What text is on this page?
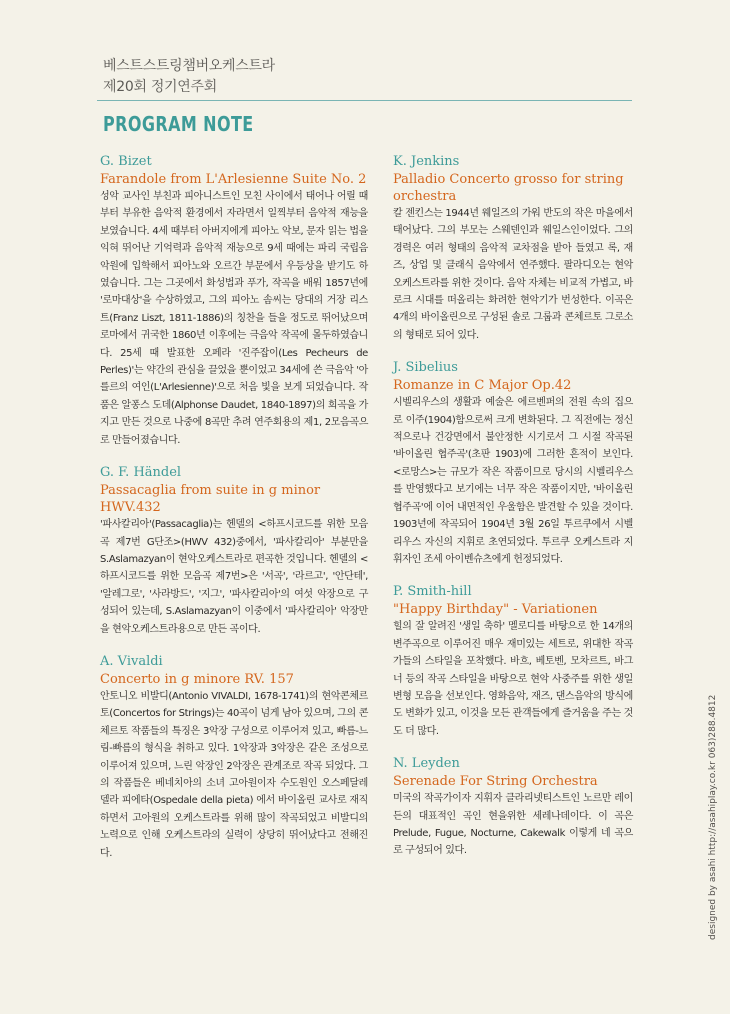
베스트스트링챔버오케스트라
제20회 정기연주회
PROGRAM NOTE
G. Bizet
Farandole from L'Arlesienne Suite No. 2
성악 교사인 부친과 피아니스트인 모친 사이에서 태어나 어릴 때부터 부유한 음악적 환경에서 자라면서 일찍부터 음악적 재능을 보였습니다. 4세 때부터 아버지에게 피아노 악보, 문자 읽는 법을 익혀 뛰어난 기억력과 음악적 재능으로 9세 때에는 파리 국립음악원에 입학해서 피아노와 오르간 부문에서 우등상을 받기도 하였습니다. 그는 그곳에서 화성법과 푸가, 작곡을 배워 1857년에 '로마대상'을 수상하였고, 그의 피아노 솜씨는 당대의 거장 리스트(Franz Liszt, 1811-1886)의 칭찬을 들을 정도로 뛰어났으며 로마에서 귀국한 1860년 이후에는 극음악 작곡에 몰두하였습니다. 25세 때 발표한 오페라 '진주잡이(Les Pecheurs de Perles)'는 약간의 관심을 끌었을 뿐이었고 34세에 쓴 극음악 '아를르의 여인(L'Arlesienne)'으로 처음 빛을 보게 되었습니다. 작품은 알퐁스 도데(Alphonse Daudet, 1840-1897)의 희곡을 가지고 만든 것으로 나중에 8곡만 추려 연주회용의 제1, 2모음곡으로 만들어졌습니다.
G. F. Händel
Passacaglia from suite in g minor HWV.432
'파사칼리아'(Passacaglia)는 헨델의 <하프시코드를 위한 모음곡 제7번 G단조>(HWV 432)중에서, '파사칼리아' 부분만을 S.Aslamazyan이 현악오케스트라로 편곡한 것입니다. 헨델의 <하프시코드를 위한 모음곡 제7번>은 '서곡', '라르고', '안단테', '알레그로', '사라방드', '지그', '파사칼리아'의 여섯 악장으로 구성되어 있는데, S.Aslamazyan이 이중에서 '파사칼리아' 악장만을 현악오케스트라용으로 만든 곡이다.
A. Vivaldi
Concerto in g minore RV. 157
안토니오 비발디(Antonio VIVALDI, 1678-1741)의 현악콘체르토(Concertos for Strings)는 40곡이 넘게 남아 있으며, 그의 콘체르토 작품들의 특징은 3악장 구성으로 이루어져 있고, 빠름-느림-빠름의 형식을 취하고 있다. 1악장과 3악장은 같은 조성으로 이루어져 있으며, 느린 악장인 2악장은 관계조로 작곡 되었다. 그의 작품들은 베네치아의 소녀 고아원이자 수도원인 오스페달레 델라 피에타(Ospedale della pieta) 에서 바이올린 교사로 재직하면서 고아원의 오케스트라를 위해 많이 작곡되었고 비발디의 노력으로 인해 오케스트라의 실력이 상당히 뛰어났다고 전해진다.
K. Jenkins
Palladio Concerto grosso for string orchestra
칼 젠킨스는 1944년 웨일즈의 가워 반도의 작은 마을에서 태어났다. 그의 부모는 스웨덴인과 웨일스인이었다. 그의 경력은 여러 형태의 음악적 교차점을 받아 들였고 록, 재즈, 상업 및 클래식 음악에서 연주했다. 팔라디오는 현악 오케스트라를 위한 것이다. 음악 자체는 비교적 가볍고, 바로크 시대를 떠올리는 화려한 현악기가 번성한다. 이곡은 4개의 바이올린으로 구성된 솔로 그룹과 콘체르토 그로소의 형태로 되어 있다.
J. Sibelius
Romanze in C Major Op.42
시벨리우스의 생활과 예술은 에르벤퍼의 전원 속의 집으로 이주(1904)함으로써 크게 변화된다. 그 직전에는 정신적으로나 건강면에서 불안정한 시기로서 그 시절 작곡된 '바이올린 협주곡'(초판 1903)에 그러한 흔적이 보인다. <로망스>는 규모가 작은 작품이므로 당시의 시벨리우스를 반영했다고 보기에는 너무 작은 작품이지만, '바이올린 협주곡'에 이어 내면적인 우울함은 발견할 수 있을 것이다. 1903년에 작곡되어 1904년 3월 26일 투르쿠에서 시벨리우스 자신의 지휘로 초연되었다. 투르쿠 오케스트라 지휘자인 조세 아이벤슈츠에게 헌정되었다.
P. Smith-hill
"Happy Birthday" - Variationen
힐의 잘 알려진 '생일 축하' 멜로디를 바탕으로 한 14개의 변주곡으로 이루어진 매우 재미있는 세트로, 위대한 작곡가들의 스타일을 포착했다. 바흐, 베토벤, 모차르트, 바그너 등의 작곡 스타일을 바탕으로 현악 사중주를 위한 생일 변형 모음을 선보인다. 영화음악, 재즈, 댄스음악의 방식에도 변화가 있고, 이것을 모든 관객들에게 즐거움을 주는 것도 더 많다.
N. Leyden
Serenade For String Orchestra
미국의 작곡가이자 지휘자 클라리넷티스트인 노르만 레이든의 대표적인 곡인 현을위한 세레나데이다. 이 곡은 Prelude, Fugue, Nocturne, Cakewalk 이렇게 네 곡으로 구성되어 있다.	designed by asahi http://asahiplay.co.kr 063)288.4812
